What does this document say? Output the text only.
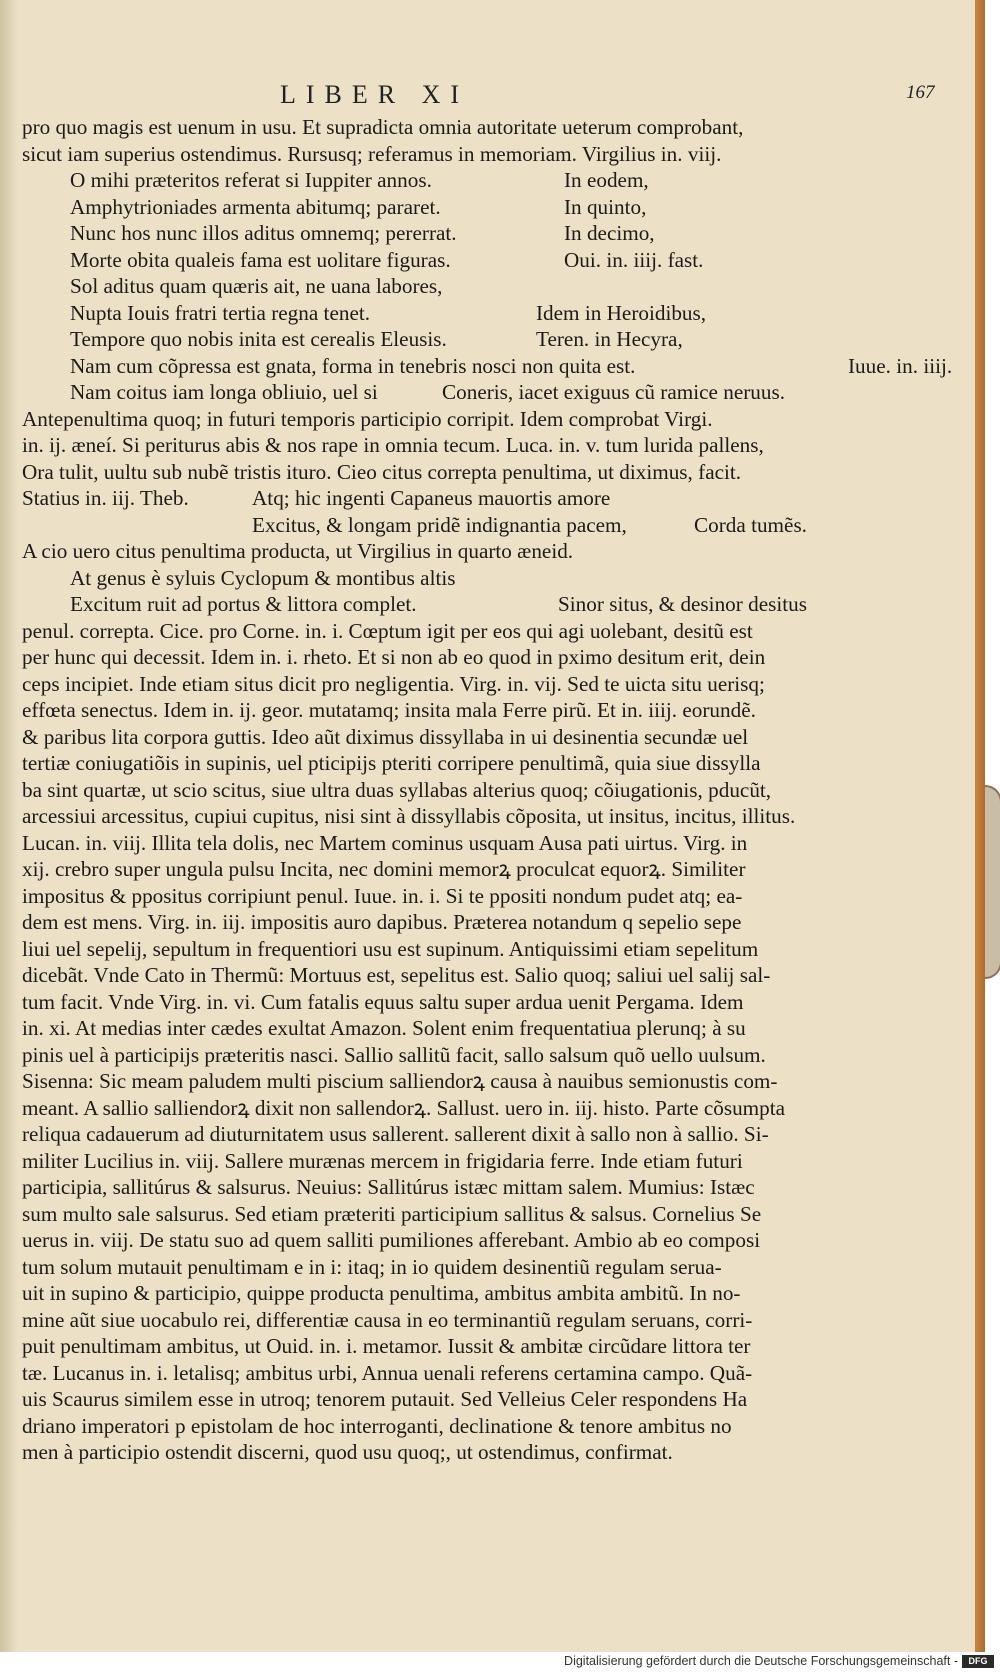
LIBER XI	167
pro quo magis est uenum in usu. Et supradicta omnia autoritate ueterum comprobant,
sicut iam superius ostendimus. Rursusq; referamus in memoriam. Virgilius in. viij.
O mihi præteritos referat si Iuppiter annos.	In eodem,
Amphytrioniades armenta abitumq; pararet.	In quinto,
Nunc hos nunc illos aditus omnemq; pererrat.	In decimo,
Morte obita qualeis fama est uolitare figuras.	Oui. in. iiij. fast.
Sol aditus quam quæris ait, ne uana labores,
Nupta Iouis fratri tertia regna tenet.	Idem in Heroidibus,
Tempore quo nobis inita est cerealis Eleusis.	Teren. in Hecyra,
Nam cum cõpressa est gnata, forma in tenebris nosci non quita est.	Iuue. in. iiij.
Nam coitus iam longa obliuio, uel si	Coneris, iacet exiguus cũ ramice neruus.
Antepenultima quoq; in futuri temporis participio corripit. Idem comprobat Virgi.
in. ij. æneí. Si periturus abis & nos rape in omnia tecum. Luca. in. v. tum lurida pallens,
Ora tulit, uultu sub nubẽ tristis ituro. Cieo citus correpta penultima, ut diximus, facit.
Statius in. iij. Theb.	Atq; hic ingenti Capaneus mauortis amore
Excitus, & longam pridẽ indignantia pacem,	Corda tumẽs.
A cio uero citus penultima producta, ut Virgilius in quarto æneid.
At genus è syluis Cyclopum & montibus altis
Excitum ruit ad portus & littora complet.	Sinor situs, & desinor desitus
penul. correpta. Cice. pro Corne. in. i. Cœptum igit per eos qui agi uolebant, desitũ est
per hunc qui decessit. Idem in. i. rheto. Et si non ab eo quod in pximo desitum erit, dein
ceps incipiet. Inde etiam situs dicit pro negligentia. Virg. in. vij. Sed te uicta situ uerisq;
effœta senectus. Idem in. ij. geor. mutatamq; insita mala Ferre pirũ. Et in. iiij. eorundẽ.
& paribus lita corpora guttis. Ideo aũt diximus dissyllaba in ui desinentia secundæ uel
tertiæ coniugatiõis in supinis, uel pticipijs pteriti corripere penultimã, quia siue dissylla
ba sint quartæ, ut scio scitus, siue ultra duas syllabas alterius quoq; cõiugationis, pducũt,
arcessiui arcessitus, cupiui cupitus, nisi sint à dissyllabis cõposita, ut insitus, incitus, illitus.
Lucan. in. viij. Illita tela dolis, nec Martem cominus usquam Ausa pati uirtus. Virg. in
xij. crebro super ungula pulsu Incita, nec domini memorꝝ proculcat equorꝝ. Similiter
impositus & ppositus corripiunt penul. Iuue. in. i. Si te ppositi nondum pudet atq; ea-
dem est mens. Virg. in. iij. impositis auro dapibus. Præterea notandum q sepelio sepe
liui uel sepelij, sepultum in frequentiori usu est supinum. Antiquissimi etiam sepelitum
dicebãt. Vnde Cato in Thermũ: Mortuus est, sepelitus est. Salio quoq; saliui uel salij sal-
tum facit. Vnde Virg. in. vi. Cum fatalis equus saltu super ardua uenit Pergama. Idem
in. xi. At medias inter cædes exultat Amazon. Solent enim frequentatiua plerunq; à su
pinis uel à participijs præteritis nasci. Sallio sallitũ facit, sallo salsum quõ uello uulsum.
Sisenna: Sic meam paludem multi piscium salliendorꝝ causa à nauibus semionustis com-
meant. A sallio salliendorꝝ dixit non sallendorꝝ. Sallust. uero in. iij. histo. Parte cõsumpta
reliqua cadauerum ad diuturnitatem usus sallerent. sallerent dixit à sallo non à sallio. Si-
militer Lucilius in. viij. Sallere murænas mercem in frigidaria ferre. Inde etiam futuri
participia, sallitúrus & salsurus. Neuius: Sallitúrus istæc mittam salem. Mumius: Istæc
sum multo sale salsurus. Sed etiam præteriti participium sallitus & salsus. Cornelius Se
uerus in. viij. De statu suo ad quem salliti pumiliones afferebant. Ambio ab eo composi
tum solum mutauit penultimam e in i: itaq; in io quidem desinentiũ regulam serua-
uit in supino & participio, quippe producta penultima, ambitus ambita ambitũ. In no-
mine aũt siue uocabulo rei, differentiæ causa in eo terminantiũ regulam seruans, corri-
puit penultimam ambitus, ut Ouid. in. i. metamor. Iussit & ambitæ circũdare littora ter
tæ. Lucanus in. i. letalisq; ambitus urbi, Annua uenali referens certamina campo. Quã-
uis Scaurus similem esse in utroq; tenorem putauit. Sed Velleius Celer respondens Ha
driano imperatori p epistolam de hoc interroganti, declinatione & tenore ambitus no
men à participio ostendit discerni, quod usu quoq;, ut ostendimus, confirmat.
Digitalisierung gefördert durch die Deutsche Forschungsgemeinschaft -	DFG
